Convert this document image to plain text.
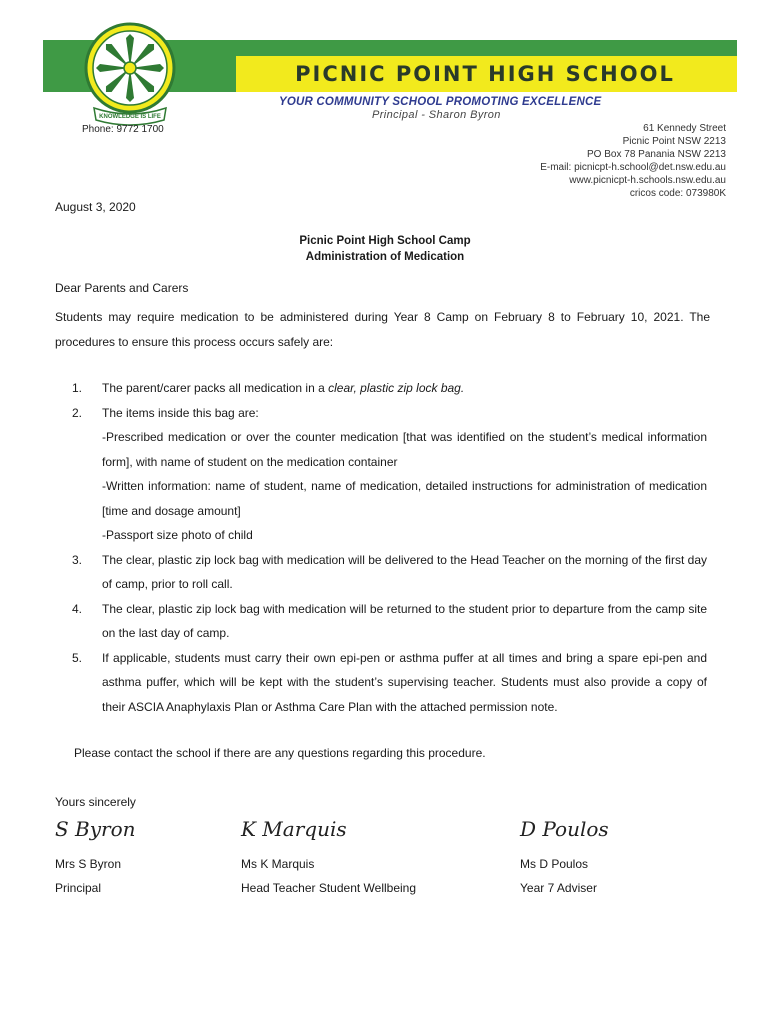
PICNIC POINT HIGH SCHOOL
KNOWLEDGE IS LIFE
Phone: 9772 1700
YOUR COMMUNITY SCHOOL PROMOTING EXCELLENCE
Principal - Sharon Byron
61 Kennedy Street
Picnic Point NSW 2213
PO Box 78 Panania NSW 2213
E-mail: picnicpt-h.school@det.nsw.edu.au
www.picnicpt-h.schools.nsw.edu.au
cricos code: 073980K
August 3, 2020
Picnic Point High School Camp
Administration of Medication
Dear Parents and Carers
Students may require medication to be administered during Year 8 Camp on February 8 to February 10, 2021. The procedures to ensure this process occurs safely are:
1.	The parent/carer packs all medication in a clear, plastic zip lock bag.
2.	The items inside this bag are:
-Prescribed medication or over the counter medication [that was identified on the student’s medical information form], with name of student on the medication container
-Written information: name of student, name of medication, detailed instructions for administration of medication [time and dosage amount]
-Passport size photo of child
3.	The clear, plastic zip lock bag with medication will be delivered to the Head Teacher on the morning of the first day of camp, prior to roll call.
4.	The clear, plastic zip lock bag with medication will be returned to the student prior to departure from the camp site on the last day of camp.
5.	If applicable, students must carry their own epi-pen or asthma puffer at all times and bring a spare epi-pen and asthma puffer, which will be kept with the student’s supervising teacher. Students must also provide a copy of their ASCIA Anaphylaxis Plan or Asthma Care Plan with the attached permission note.
Please contact the school if there are any questions regarding this procedure.
Yours sincerely
S Byron	K Marquis	D Poulos
Mrs S Byron	Ms K Marquis	Ms D Poulos
Principal	Head Teacher Student Wellbeing	Year 7 Adviser
